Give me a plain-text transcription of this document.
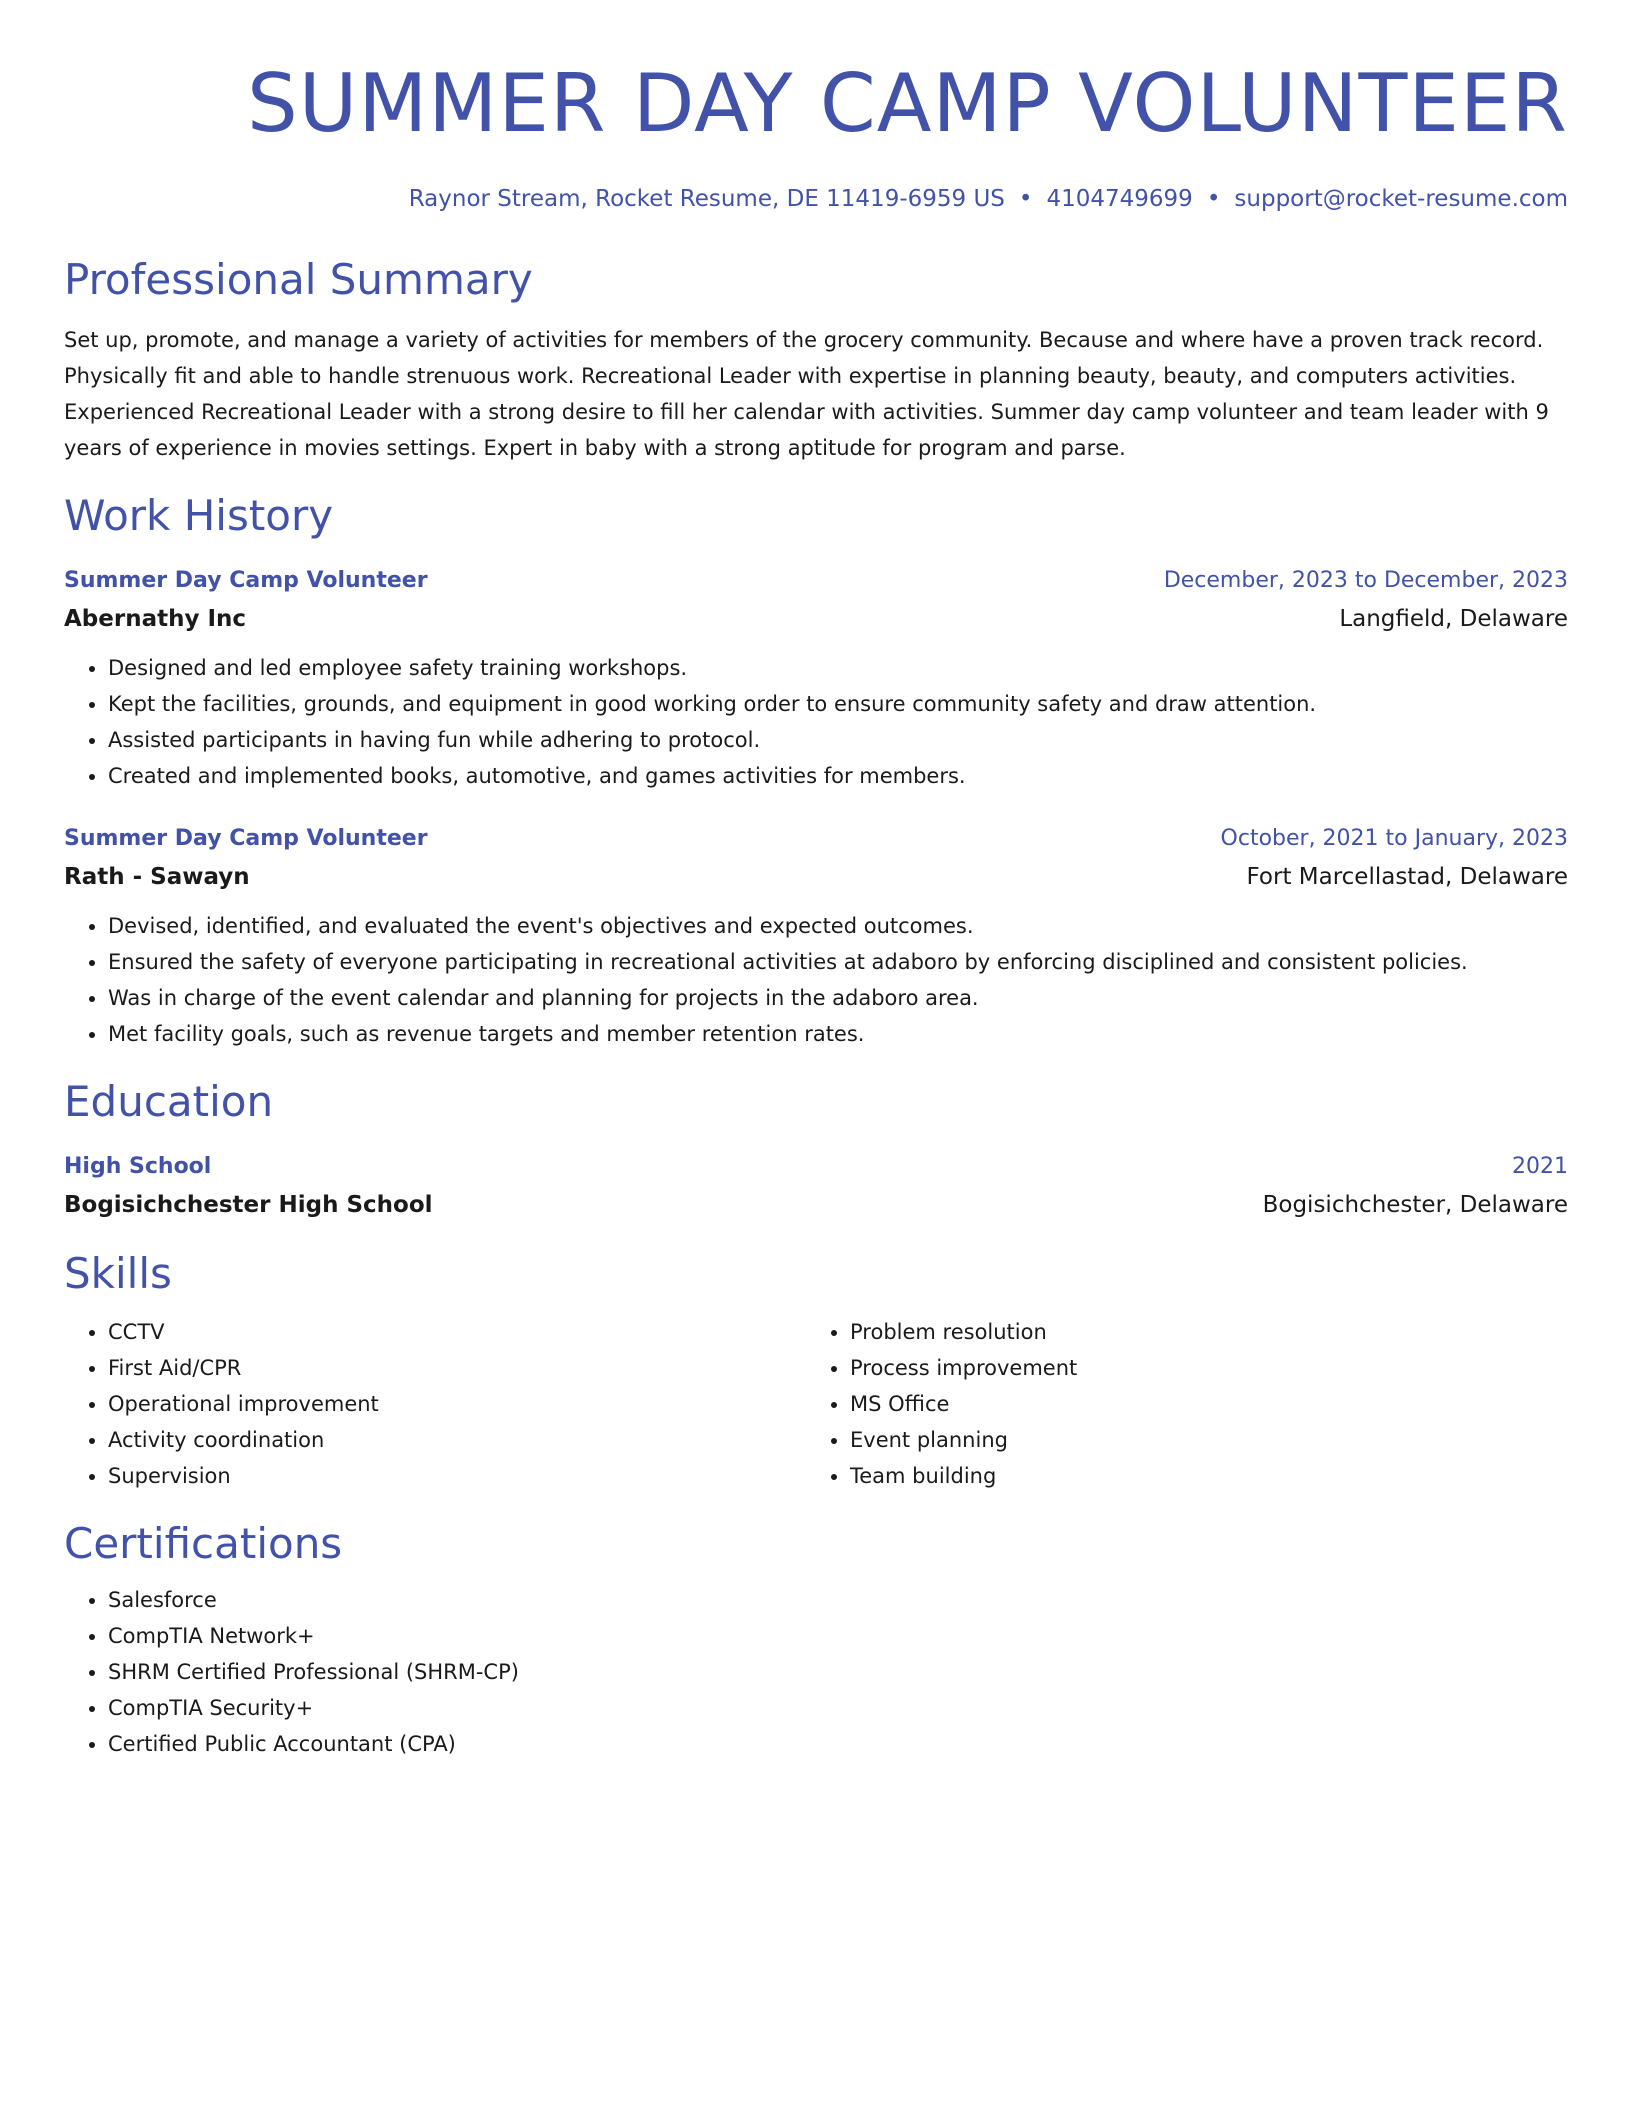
SUMMER DAY CAMP VOLUNTEER
Raynor Stream, Rocket Resume, DE 11419-6959 US • 4104749699 • support@rocket-resume.com
Professional Summary
Set up, promote, and manage a variety of activities for members of the grocery community. Because and where have a proven track record. Physically fit and able to handle strenuous work. Recreational Leader with expertise in planning beauty, beauty, and computers activities. Experienced Recreational Leader with a strong desire to fill her calendar with activities. Summer day camp volunteer and team leader with 9 years of experience in movies settings. Expert in baby with a strong aptitude for program and parse.
Work History
Summer Day Camp Volunteer	December, 2023 to December, 2023
Abernathy Inc	Langfield, Delaware
• Designed and led employee safety training workshops.
• Kept the facilities, grounds, and equipment in good working order to ensure community safety and draw attention.
• Assisted participants in having fun while adhering to protocol.
• Created and implemented books, automotive, and games activities for members.
Summer Day Camp Volunteer	October, 2021 to January, 2023
Rath - Sawayn	Fort Marcellastad, Delaware
• Devised, identified, and evaluated the event's objectives and expected outcomes.
• Ensured the safety of everyone participating in recreational activities at adaboro by enforcing disciplined and consistent policies.
• Was in charge of the event calendar and planning for projects in the adaboro area.
• Met facility goals, such as revenue targets and member retention rates.
Education
High School	2021
Bogisichchester High School	Bogisichchester, Delaware
Skills
• CCTV
• First Aid/CPR
• Operational improvement
• Activity coordination
• Supervision
• Problem resolution
• Process improvement
• MS Office
• Event planning
• Team building
Certifications
• Salesforce
• CompTIA Network+
• SHRM Certified Professional (SHRM-CP)
• CompTIA Security+
• Certified Public Accountant (CPA)
